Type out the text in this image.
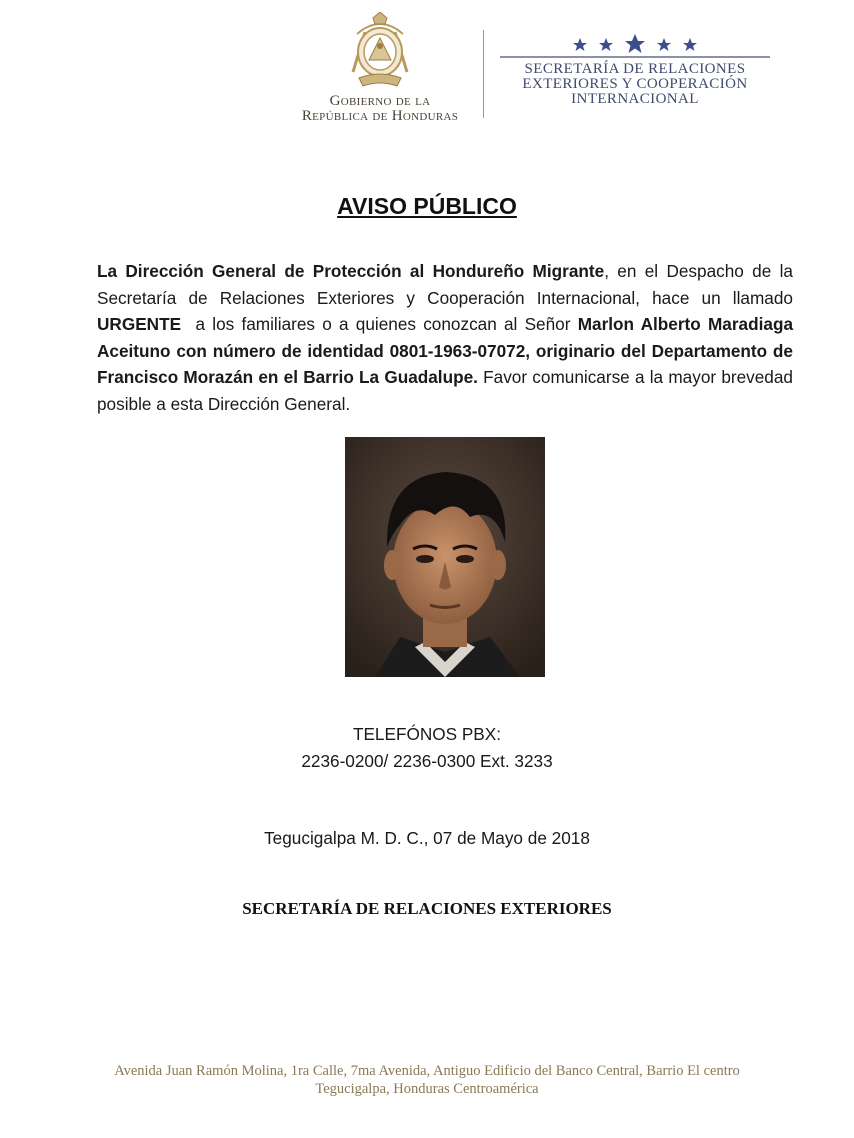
Gobierno de la
República de Honduras
SECRETARÍA DE RELACIONES
EXTERIORES Y COOPERACIÓN
INTERNACIONAL
AVISO PÚBLICO
La Dirección General de Protección al Hondureño Migrante, en el Despacho de la Secretaría de Relaciones Exteriores y Cooperación Internacional, hace un llamado URGENTE  a los familiares o a quienes conozcan al Señor Marlon Alberto Maradiaga Aceituno con número de identidad 0801-1963-07072, originario del Departamento de Francisco Morazán en el Barrio La Guadalupe. Favor comunicarse a la mayor brevedad posible a esta Dirección General.
TELEFÓNOS PBX:
2236-0200/ 2236-0300 Ext. 3233
Tegucigalpa M. D. C., 07 de Mayo de 2018
SECRETARÍA DE RELACIONES EXTERIORES
Avenida Juan Ramón Molina, 1ra Calle, 7ma Avenida, Antiguo Edificio del Banco Central, Barrio El centro
Tegucigalpa, Honduras Centroamérica
